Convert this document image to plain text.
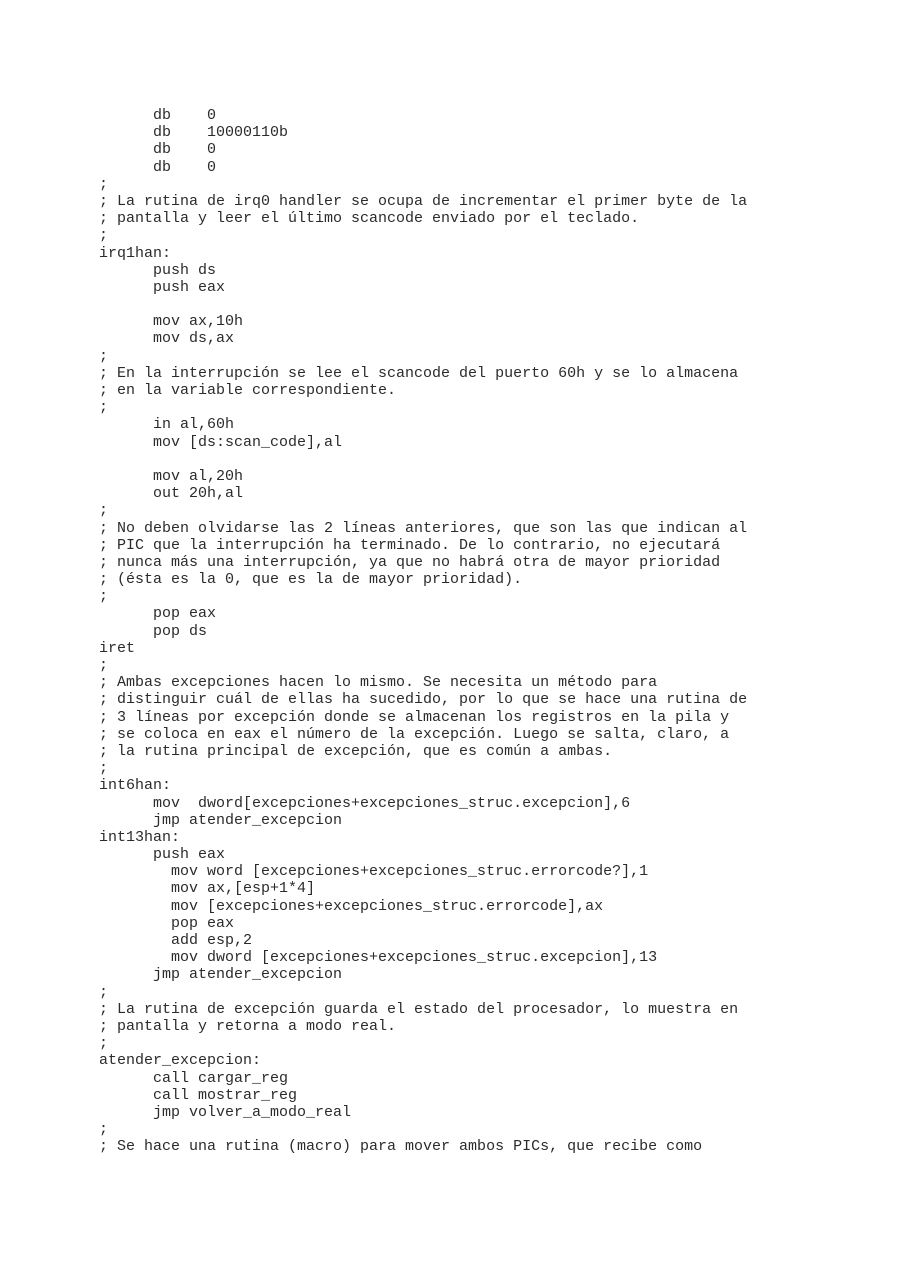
db    0
db    10000110b
db    0
db    0
;
; La rutina de irq0 handler se ocupa de incrementar el primer byte de la
; pantalla y leer el último scancode enviado por el teclado.
;
irq1han:
push ds
push eax
mov ax,10h
mov ds,ax
;
; En la interrupción se lee el scancode del puerto 60h y se lo almacena
; en la variable correspondiente.
;
in al,60h
mov [ds:scan_code],al
mov al,20h
out 20h,al
;
; No deben olvidarse las 2 líneas anteriores, que son las que indican al
; PIC que la interrupción ha terminado. De lo contrario, no ejecutará
; nunca más una interrupción, ya que no habrá otra de mayor prioridad
; (ésta es la 0, que es la de mayor prioridad).
;
pop eax
pop ds
iret
;
; Ambas excepciones hacen lo mismo. Se necesita un método para
; distinguir cuál de ellas ha sucedido, por lo que se hace una rutina de
; 3 líneas por excepción donde se almacenan los registros en la pila y
; se coloca en eax el número de la excepción. Luego se salta, claro, a
; la rutina principal de excepción, que es común a ambas.
;
int6han:
mov  dword[excepciones+excepciones_struc.excepcion],6
jmp atender_excepcion
int13han:
push eax
mov word [excepciones+excepciones_struc.errorcode?],1
mov ax,[esp+1*4]
mov [excepciones+excepciones_struc.errorcode],ax
pop eax
add esp,2
mov dword [excepciones+excepciones_struc.excepcion],13
jmp atender_excepcion
;
; La rutina de excepción guarda el estado del procesador, lo muestra en
; pantalla y retorna a modo real.
;
atender_excepcion:
call cargar_reg
call mostrar_reg
jmp volver_a_modo_real
;
; Se hace una rutina (macro) para mover ambos PICs, que recibe como
